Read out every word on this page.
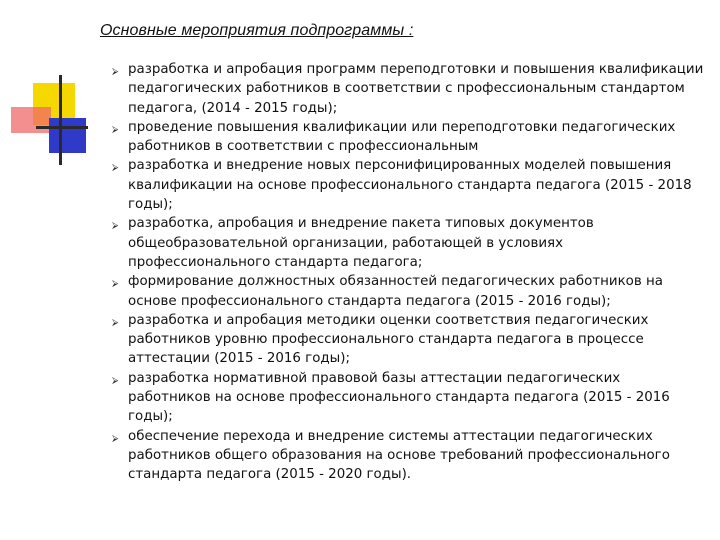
Основные мероприятия подпрограммы :
⮚ разработка и апробация программ переподготовки и повышения квалификации педагогических работников в соответствии с профессиональным стандартом педагога, (2014 - 2015 годы);
⮚ проведение повышения квалификации или переподготовки педагогических работников в соответствии с профессиональным
⮚ разработка и внедрение новых персонифицированных моделей повышения квалификации на основе профессионального стандарта педагога (2015 - 2018 годы);
⮚ разработка, апробация и внедрение пакета типовых документов общеобразовательной организации, работающей в условиях профессионального стандарта педагога;
⮚ формирование должностных обязанностей педагогических работников на основе профессионального стандарта педагога (2015 - 2016 годы);
⮚ разработка и апробация методики оценки соответствия педагогических работников уровню профессионального стандарта педагога в процессе аттестации (2015 - 2016 годы);
⮚ разработка нормативной правовой базы аттестации педагогических работников на основе профессионального стандарта педагога (2015 - 2016 годы);
⮚ обеспечение перехода и внедрение системы аттестации педагогических работников общего образования на основе требований профессионального стандарта педагога (2015 - 2020 годы).
